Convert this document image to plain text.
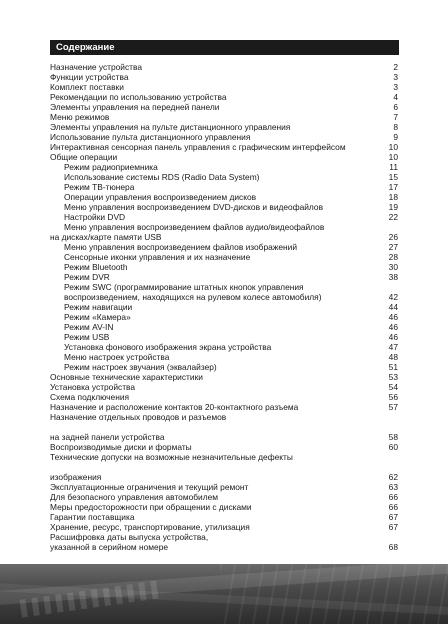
Содержание
Назначение устройства	2
Функции устройства	3
Комплект поставки	3
Рекомендации по использованию устройства	4
Элементы управления на передней панели	6
Меню режимов	7
Элементы управления на пульте дистанционного управления	8
Использование пульта дистанционного управления	9
Интерактивная сенсорная панель управления с графическим интерфейсом	10
Общие операции	10
Режим радиоприемника	11
Использование системы RDS (Radio Data System)	15
Режим ТВ-тюнера	17
Операции управления воспроизведением дисков	18
Меню управления воспроизведением DVD-дисков и видеофайлов	19
Настройки DVD	22
Меню управления воспроизведением файлов аудио/видеофайлов
на дискaх/карте памяти USB	26
Меню управления воспроизведением файлов изображений	27
Сенсорные иконки управления и их назначение	28
Режим Bluetooth	30
Режим DVR	38
Режим SWC (программирование штатных кнопок управления
воспроизведением, находящихся на рулевом колесе автомобиля)	42
Режим навигации	44
Режим «Камера»	46
Режим AV-IN	46
Режим USB	46
Установка фонового изображения экрана устройства	47
Меню настроек устройства	48
Режим настроек звучания (эквалайзер)	51
Основные технические характеристики	53
Установка устройства	54
Схема подключения	56
Назначение и расположение контактов 20-контактного разъема	57
Назначение отдельных проводов и разъемов
на задней панели устройства	58
Воспроизводимые диски и форматы	60
Технические допуски на возможные незначительные дефекты
изображения	62
Эксплуатационные ограничения и текущий ремонт	63
Для безопасного управления автомобилем	66
Меры предосторожности при обращении с дисками	66
Гарантии поставщика	67
Хранение, ресурс, транспортирование, утилизация	67
Расшифровка даты выпуска устройства,
указанной в серийном номере	68
